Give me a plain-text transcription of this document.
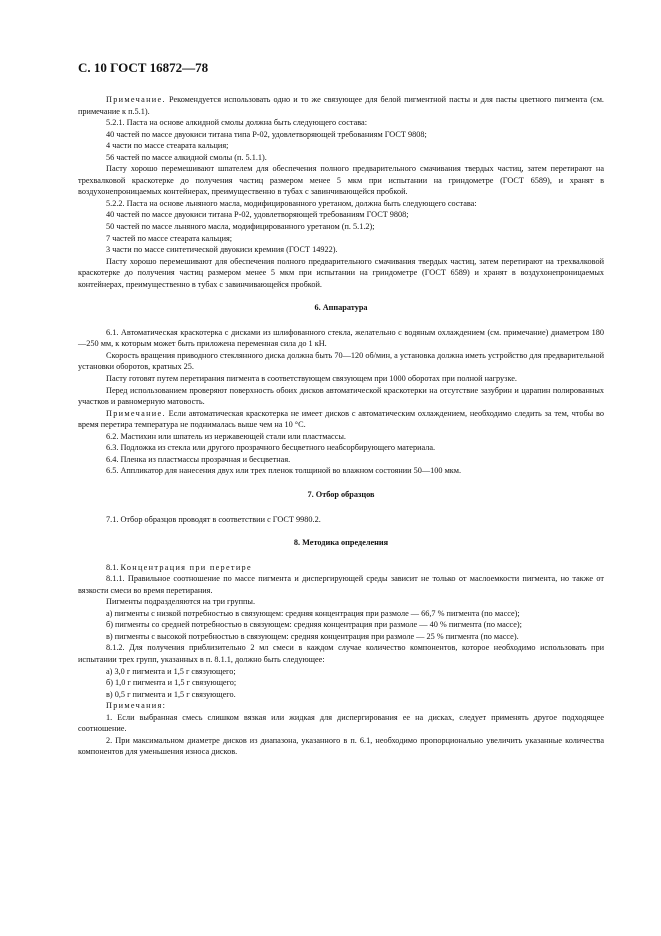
С. 10 ГОСТ 16872—78

Примечание. Рекомендуется использовать одно и то же связующее для белой пигментной пасты и для пасты цветного пигмента (см. примечание к п.5.1).

5.2.1. Паста на основе алкидной смолы должна быть следующего состава:

40 частей по массе двуокиси титана типа Р-02, удовлетворяющей требованиям ГОСТ 9808;

4 части по массе стеарата кальция;

56 частей по массе алкидной смолы (п. 5.1.1).

Пасту хорошо перемешивают шпателем для обеспечения полного предварительного смачивания твердых частиц, затем перетирают на трехвалковой краскотерке до получения частиц размером менее 5 мкм при испытании на гриндометре (ГОСТ 6589), и хранят в воздухонепроницаемых контейнерах, преимущественно в тубах с завинчивающейся пробкой.

5.2.2. Паста на основе льняного масла, модифицированного уретаном, должна быть следующего состава:

40 частей по массе двуокиси титана Р-02, удовлетворяющей требованиям ГОСТ 9808;

50 частей по массе льняного масла, модифицированного уретаном (п. 5.1.2);

7 частей по массе стеарата кальция;

3 части по массе синтетической двуокиси кремния (ГОСТ 14922).

Пасту хорошо перемешивают для обеспечения полного предварительного смачивания твердых частиц, затем перетирают на трехвалковой краскотерке до получения частиц размером менее 5 мкм при испытании на гриндометре (ГОСТ 6589) и хранят в воздухонепроницаемых контейнерах, преимущественно в тубах с завинчивающейся пробкой.

6. Аппаратура

6.1. Автоматическая краскотерка с дисками из шлифованного стекла, желательно с водяным охлаждением (см. примечание) диаметром 180—250 мм, к которым может быть приложена переменная сила до 1 кН.

Скорость вращения приводного стеклянного диска должна быть 70—120 об/мин, а установка должна иметь устройство для предварительной установки оборотов, кратных 25.

Пасту готовят путем перетирания пигмента в соответствующем связующем при 1000 оборотах при полной нагрузке.

Перед использованием проверяют поверхность обоих дисков автоматической краскотерки на отсутствие зазубрин и царапин полированных участков и равномерную матовость.

Примечание. Если автоматическая краскотерка не имеет дисков с автоматическим охлаждением, необходимо следить за тем, чтобы во время перетира температура не поднималась выше чем на 10 °С.

6.2. Мастихин или шпатель из нержавеющей стали или пластмассы.

6.3. Подложка из стекла или другого прозрачного бесцветного неабсорбирующего материала.

6.4. Пленка из пластмассы прозрачная и бесцветная.

6.5. Аппликатор для нанесения двух или трех пленок толщиной во влажном состоянии 50—100 мкм.

7. Отбор образцов

7.1. Отбор образцов проводят в соответствии с ГОСТ 9980.2.

8. Методика определения

8.1. Концентрация при перетире

8.1.1. Правильное соотношение по массе пигмента и диспергирующей среды зависит не только от маслоемкости пигмента, но также от вязкости смеси во время перетирания.

Пигменты подразделяются на три группы.

а) пигменты с низкой потребностью в связующем: средняя концентрация при размоле — 66,7 % пигмента (по массе);

б) пигменты со средней потребностью в связующем: средняя концентрация при размоле — 40 % пигмента (по массе);

в) пигменты с высокой потребностью в связующем: средняя концентрация при размоле — 25 % пигмента (по массе).

8.1.2. Для получения приблизительно 2 мл смеси в каждом случае количество компонентов, которое необходимо использовать при испытании трех групп, указанных в п. 8.1.1, должно быть следующее:

а) 3,0 г пигмента и 1,5 г связующего;

б) 1,0 г пигмента и 1,5 г связующего;

в) 0,5 г пигмента и 1,5 г связующего.

Примечания:

1. Если выбранная смесь слишком вязкая или жидкая для диспергирования ее на дисках, следует применять другое подходящее соотношение.

2. При максимальном диаметре дисков из диапазона, указанного в п. 6.1, необходимо пропорционально увеличить указанные количества компонентов для уменьшения износа дисков.
